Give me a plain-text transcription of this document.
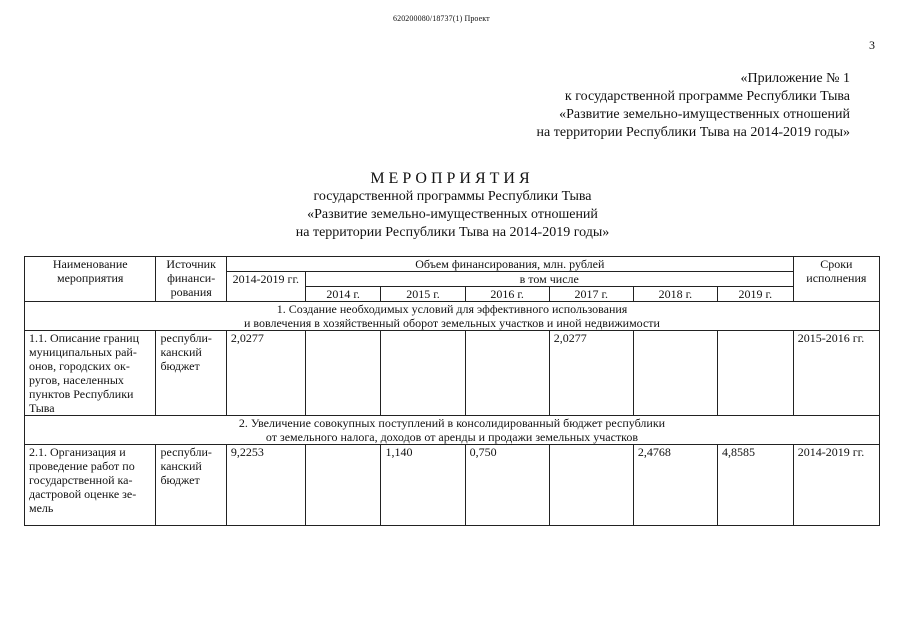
620200080/18737(1) Проект
3
«Приложение № 1
к государственной программе Республики Тыва
«Развитие земельно-имущественных отношений
на территории Республики Тыва на 2014-2019 годы»
МЕРОПРИЯТИЯ
государственной программы Республики Тыва
«Развитие земельно-имущественных отношений
на территории Республики Тыва на 2014-2019 годы»
Наименование мероприятия	Источник финанси-рования	Объем финансирования, млн. рублей							Сроки исполнения
		2014-2019 гг.	в том числе						
			2014 г.	2015 г.	2016 г.	2017 г.	2018 г.	2019 г.	

1. Создание необходимых условий для эффективного использования
и вовлечения в хозяйственный оборот земельных участков и иной недвижимости									

1.1. Описание границ муниципальных рай-онов, городских ок-ругов, населенных пунктов Республики Тыва	республи-канский бюджет	2,0277				2,0277			2015-2016 гг.

2. Увеличение совокупных поступлений в консолидированный бюджет республики
от земельного налога, доходов от аренды и продажи земельных участков									

2.1. Организация и проведение работ по государственной ка-дастровой оценке зе-мель	республи-канский бюджет	9,2253		1,140	0,750		2,4768	4,8585	2014-2019 гг.
